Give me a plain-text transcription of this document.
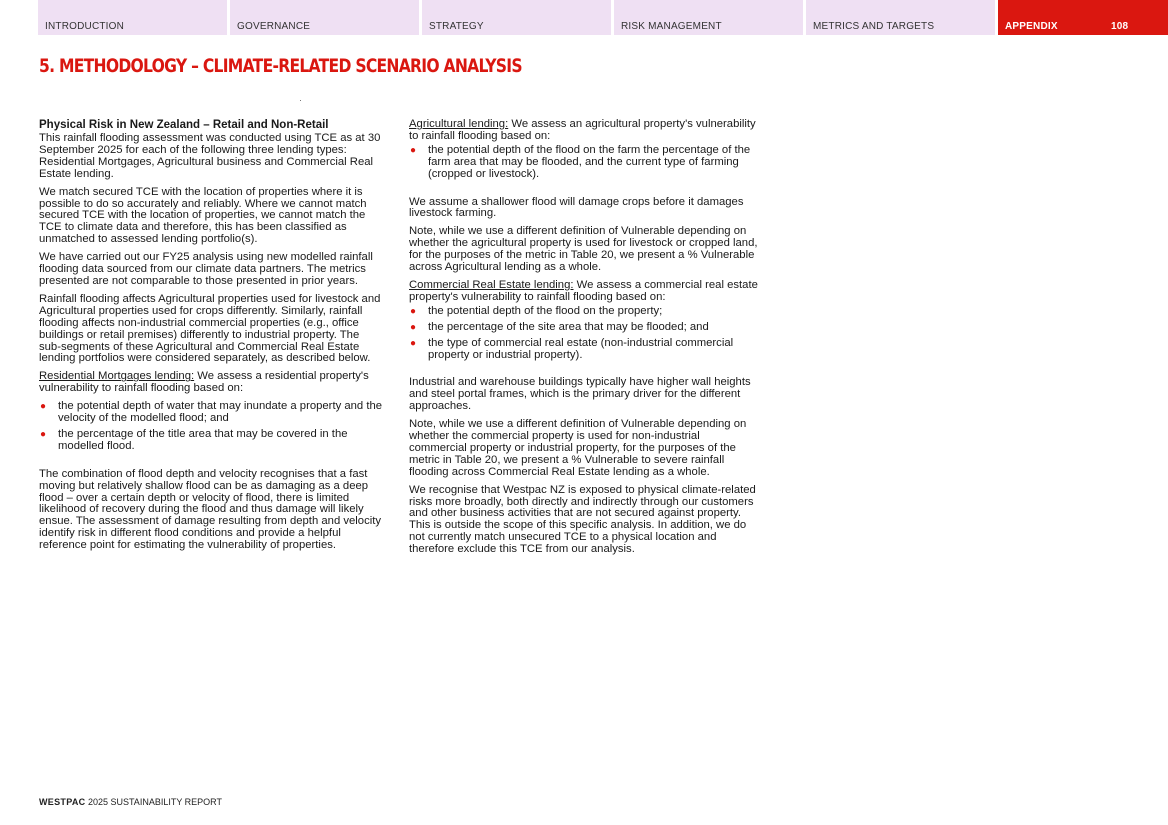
INTRODUCTION	GOVERNANCE	STRATEGY	RISK MANAGEMENT	METRICS AND TARGETS	APPENDIX	108
5. METHODOLOGY – CLIMATE-RELATED SCENARIO ANALYSIS
Physical Risk in New Zealand – Retail and Non-Retail

This rainfall flooding assessment was conducted using TCE as at 30 September 2025 for each of the following three lending types: Residential Mortgages, Agricultural business and Commercial Real Estate lending.

We match secured TCE with the location of properties where it is possible to do so accurately and reliably. Where we cannot match secured TCE with the location of properties, we cannot match the TCE to climate data and therefore, this has been classified as unmatched to assessed lending portfolio(s).

We have carried out our FY25 analysis using new modelled rainfall flooding data sourced from our climate data partners. The metrics presented are not comparable to those presented in prior years.

Rainfall flooding affects Agricultural properties used for livestock and Agricultural properties used for crops differently. Similarly, rainfall flooding affects non-industrial commercial properties (e.g., office buildings or retail premises) differently to industrial property. The sub-segments of these Agricultural and Commercial Real Estate lending portfolios were considered separately, as described below.

Residential Mortgages lending: We assess a residential property's vulnerability to rainfall flooding based on:

● the potential depth of water that may inundate a property and the velocity of the modelled flood; and
● the percentage of the title area that may be covered in the modelled flood.

The combination of flood depth and velocity recognises that a fast moving but relatively shallow flood can be as damaging as a deep flood – over a certain depth or velocity of flood, there is limited likelihood of recovery during the flood and thus damage will likely ensue. The assessment of damage resulting from depth and velocity identify risk in different flood conditions and provide a helpful reference point for estimating the vulnerability of properties.

Agricultural lending: We assess an agricultural property's vulnerability to rainfall flooding based on:

● the potential depth of the flood on the farm the percentage of the farm area that may be flooded, and the current type of farming (cropped or livestock).

We assume a shallower flood will damage crops before it damages livestock farming.

Note, while we use a different definition of Vulnerable depending on whether the agricultural property is used for livestock or cropped land, for the purposes of the metric in Table 20, we present a % Vulnerable across Agricultural lending as a whole.

Commercial Real Estate lending: We assess a commercial real estate property's vulnerability to rainfall flooding based on:

● the potential depth of the flood on the property;
● the percentage of the site area that may be flooded; and
● the type of commercial real estate (non-industrial commercial property or industrial property).

Industrial and warehouse buildings typically have higher wall heights and steel portal frames, which is the primary driver for the different approaches.

Note, while we use a different definition of Vulnerable depending on whether the commercial property is used for non-industrial commercial property or industrial property, for the purposes of the metric in Table 20, we present a % Vulnerable to severe rainfall flooding across Commercial Real Estate lending as a whole.

We recognise that Westpac NZ is exposed to physical climate-related risks more broadly, both directly and indirectly through our customers and other business activities that are not secured against property. This is outside the scope of this specific analysis. In addition, we do not currently match unsecured TCE to a physical location and therefore exclude this TCE from our analysis.

WESTPAC 2025 SUSTAINABILITY REPORT
